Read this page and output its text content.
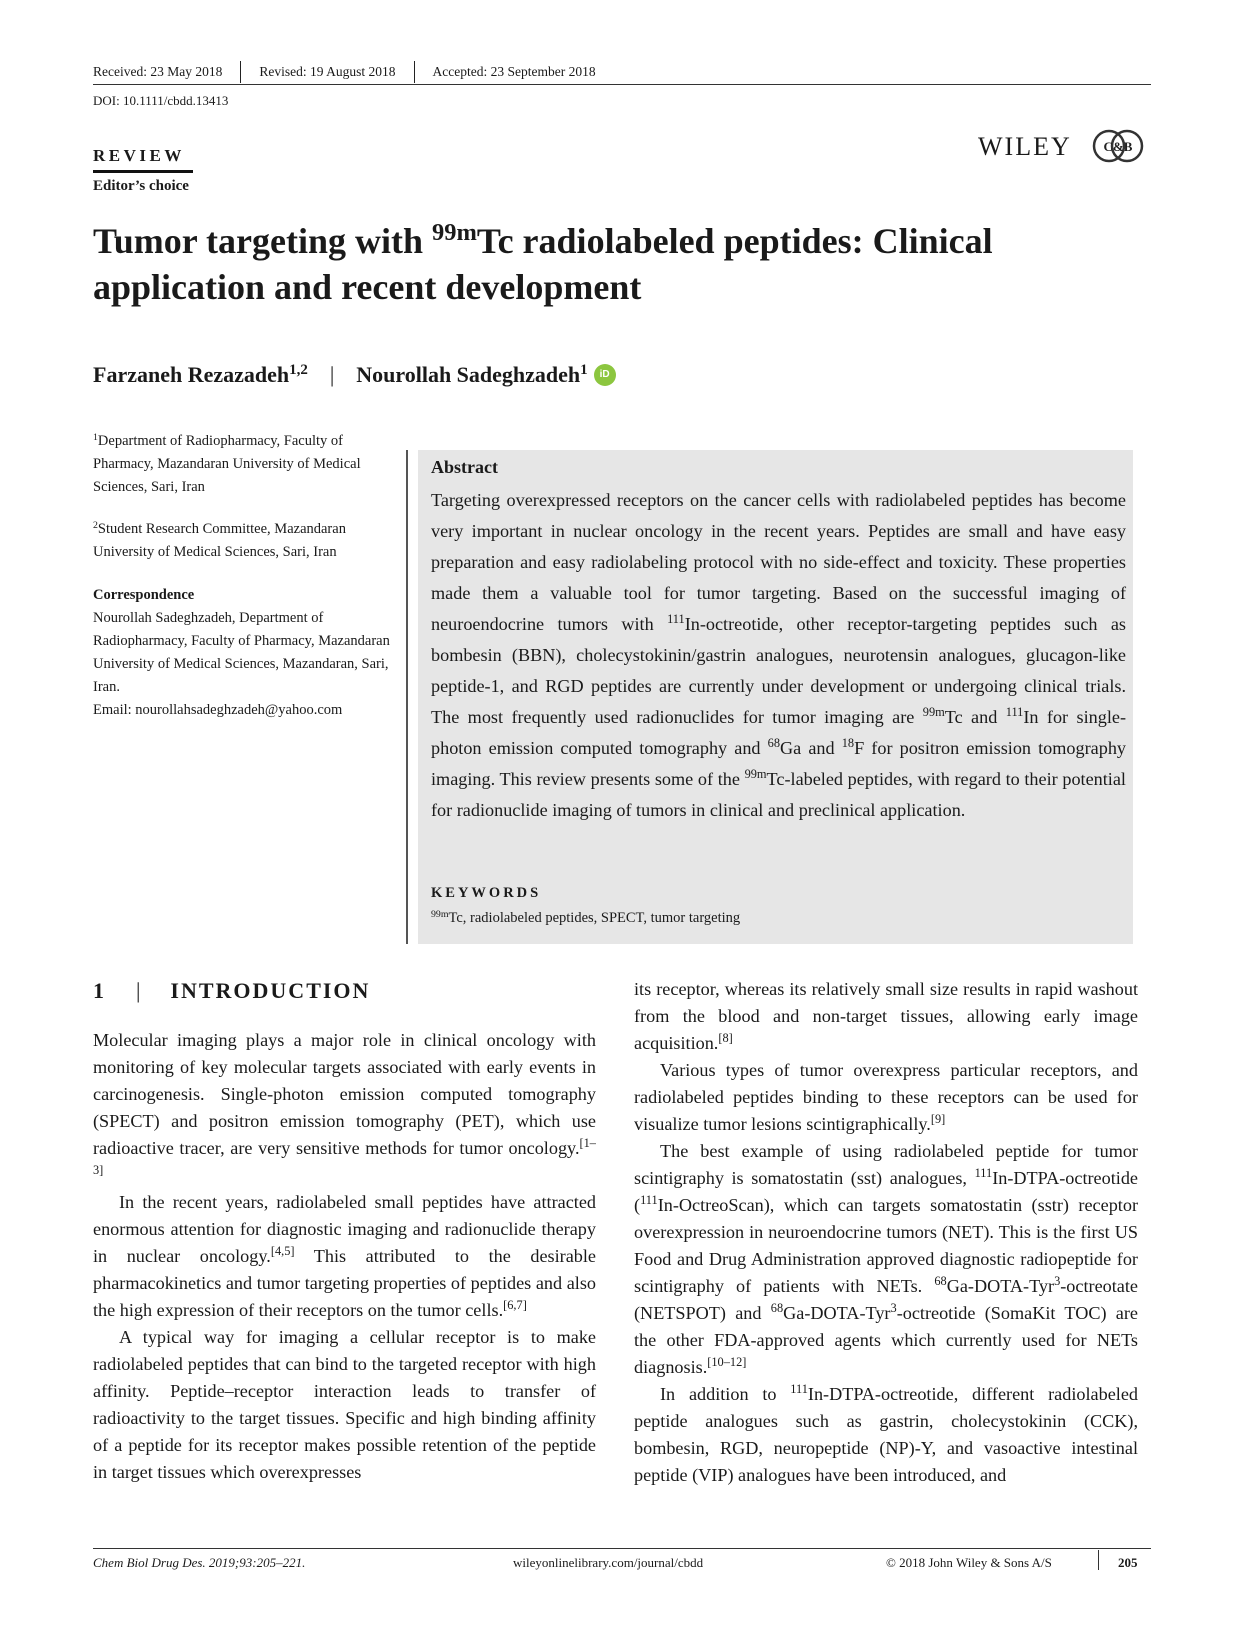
Received: 23 May 2018	Revised: 19 August 2018	Accepted: 23 September 2018
DOI: 10.1111/cbdd.13413
REVIEW
Editor’s choice
WILEY C&B
Tumor targeting with $^{99m}$Tc radiolabeled peptides: Clinical application and recent development
Farzaneh Rezazadeh$^{1,2}$ | Nourollah Sadeghzadeh$^1$	iD

$^1$Department of Radiopharmacy, Faculty of Pharmacy, Mazandaran University of Medical Sciences, Sari, Iran

$^2$Student Research Committee, Mazandaran University of Medical Sciences, Sari, Iran

Correspondence

Nourollah Sadeghzadeh, Department of Radiopharmacy, Faculty of Pharmacy, Mazandaran University of Medical Sciences, Mazandaran, Sari, Iran.

Email: nourollahsadeghzadeh@yahoo.com

Abstract
Targeting overexpressed receptors on the cancer cells with radiolabeled peptides has become very important in nuclear oncology in the recent years. Peptides are small and have easy preparation and easy radiolabeling protocol with no side-effect and toxicity. These properties made them a valuable tool for tumor targeting. Based on the successful imaging of neuroendocrine tumors with $^{111}$In-octreotide, other receptor-targeting peptides such as bombesin (BBN), cholecystokinin/gastrin analogues, neurotensin analogues, glucagon-like peptide-1, and RGD peptides are currently under development or undergoing clinical trials. The most frequently used radionuclides for tumor imaging are $^{99m}$Tc and $^{111}$In for single-photon emission computed tomography and $^{68}$Ga and $^{18}$F for positron emission tomography imaging. This review presents some of the $^{99m}$Tc-labeled peptides, with regard to their potential for radionuclide imaging of tumors in clinical and preclinical application.
KEYWORDS
$^{99m}$Tc, radiolabeled peptides, SPECT, tumor targeting
1 | INTRODUCTION

Molecular imaging plays a major role in clinical oncology with monitoring of key molecular targets associated with early events in carcinogenesis. Single-photon emission computed tomography (SPECT) and positron emission tomography (PET), which use radioactive tracer, are very sensitive methods for tumor oncology.[1–3]

In the recent years, radiolabeled small peptides have attracted enormous attention for diagnostic imaging and radionuclide therapy in nuclear oncology.[4,5] This attributed to the desirable pharmacokinetics and tumor targeting properties of peptides and also the high expression of their receptors on the tumor cells.[6,7]

A typical way for imaging a cellular receptor is to make radiolabeled peptides that can bind to the targeted receptor with high affinity. Peptide–receptor interaction leads to transfer of radioactivity to the target tissues. Specific and high binding affinity of a peptide for its receptor makes possible retention of the peptide in target tissues which overexpresses

its receptor, whereas its relatively small size results in rapid washout from the blood and non-target tissues, allowing early image acquisition.[8]

Various types of tumor overexpress particular receptors, and radiolabeled peptides binding to these receptors can be used for visualize tumor lesions scintigraphically.[9]

The best example of using radiolabeled peptide for tumor scintigraphy is somatostatin (sst) analogues, $^{111}$In-DTPA-octreotide ($^{111}$In-OctreoScan), which can targets somatostatin (sstr) receptor overexpression in neuroendocrine tumors (NET). This is the first US Food and Drug Administration approved diagnostic radiopeptide for scintigraphy of patients with NETs. $^{68}$Ga-DOTA-Tyr$^3$-octreotate (NETSPOT) and $^{68}$Ga-DOTA-Tyr$^3$-octreotide (SomaKit TOC) are the other FDA-approved agents which currently used for NETs diagnosis.[10–12]

In addition to $^{111}$In-DTPA-octreotide, different radiolabeled peptide analogues such as gastrin, cholecystokinin (CCK), bombesin, RGD, neuropeptide (NP)-Y, and vasoactive intestinal peptide (VIP) analogues have been introduced, and

Chem Biol Drug Des. 2019;93:205–221.	wileyonlinelibrary.com/journal/cbdd	© 2018 John Wiley & Sons A/S	205
